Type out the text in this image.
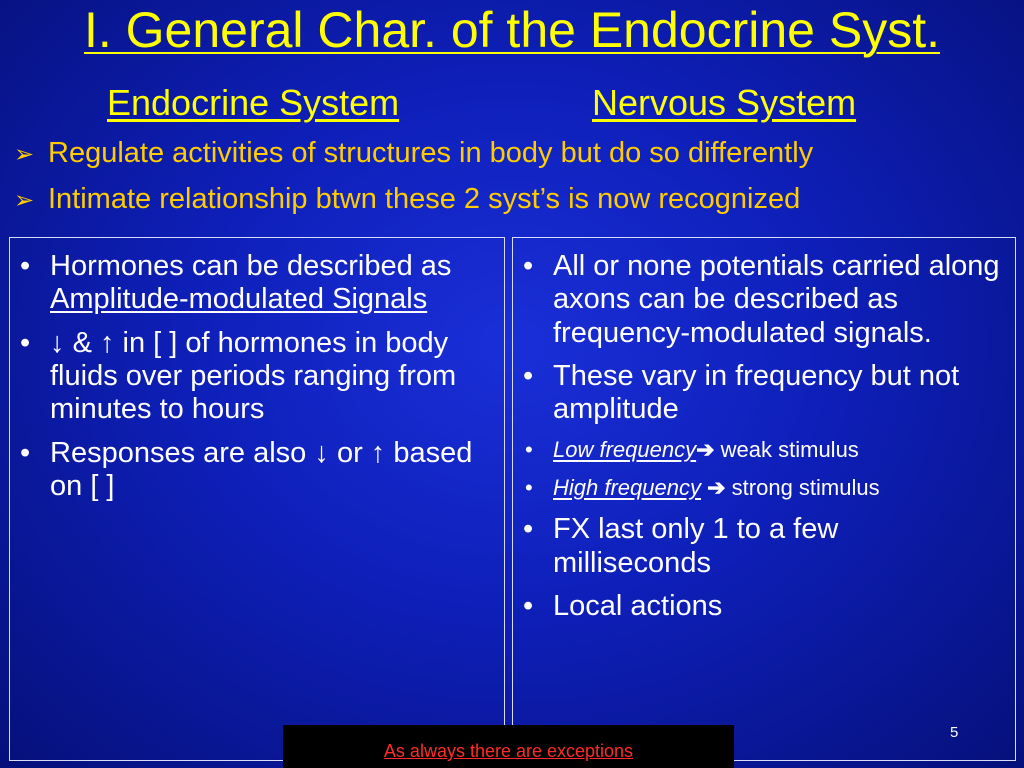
I. General Char. of the Endocrine Syst.
Endocrine System	Nervous System
➢ Regulate activities of structures in body but do so differently
➢ Intimate relationship btwn these 2 syst’s is now recognized
• Hormones can be described as Amplitude-modulated Signals
• ↓ & ↑ in [ ] of hormones in body fluids over periods ranging from minutes to hours
• Responses are also ↓ or ↑ based on [ ]
• All or none potentials carried along axons can be described as frequency-modulated signals.
• These vary in frequency but not amplitude
• Low frequency➔ weak stimulus
• High frequency ➔ strong stimulus
• FX last only 1 to a few milliseconds
• Local actions
As always there are exceptions
5
